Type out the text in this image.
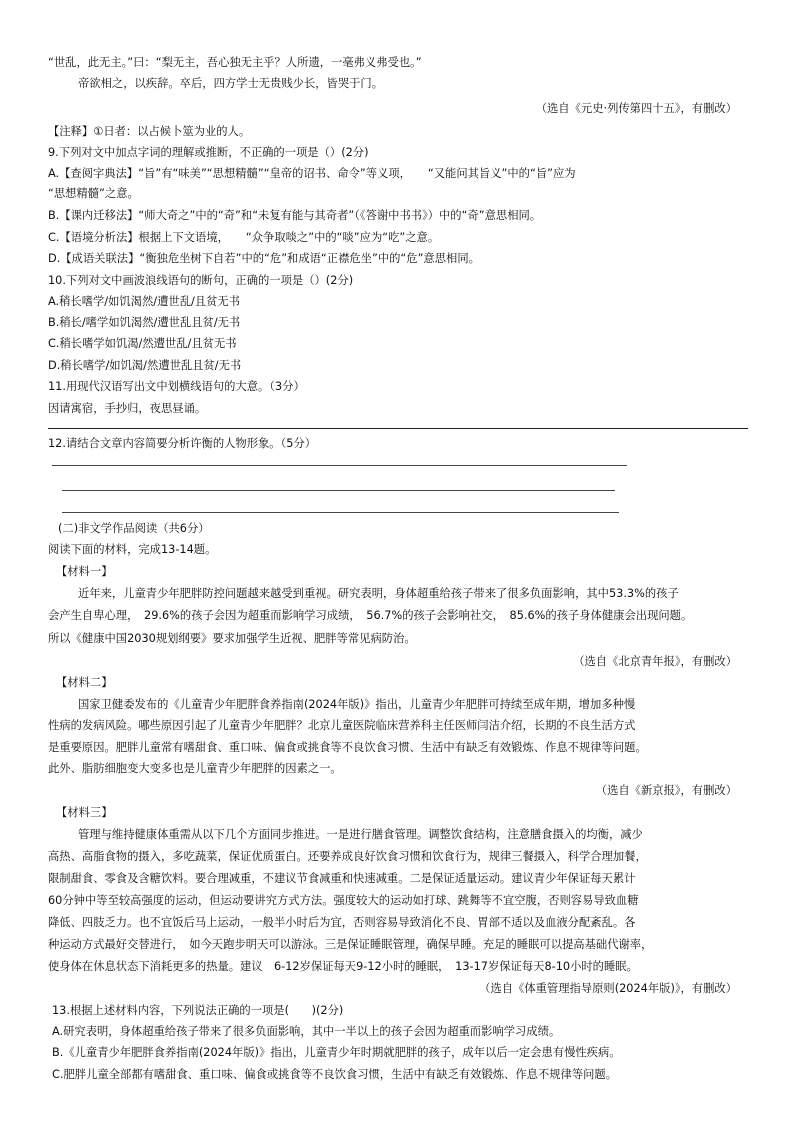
“世乱，此无主。”曰：“梨无主，吾心独无主乎？人所遗，一毫弗义弗受也。”
帝欲相之，以疾辞。卒后，四方学士无贵贱少长，皆哭于门。
（选自《元史·列传第四十五》，有删改）
【注释】①日者：以占候卜筮为业的人。
9.下列对文中加点字词的理解或推断，不正确的一项是（）(2分)
A.【查阅字典法】“旨”有“味美”“思想精髓”“皇帝的诏书、命令”等义项，　　“又能问其旨义”中的“旨”应为
“思想精髓”之意。
B.【课内迁移法】“师大奇之”中的“奇”和“未复有能与其奇者”（《答谢中书书》）中的“奇”意思相同。
C.【语境分析法】根据上下文语境，　　“众争取啖之”中的“啖”应为“吃”之意。
D.【成语关联法】“衡独危坐树下自若”中的“危”和成语“正襟危坐”中的“危”意思相同。
10.下列对文中画波浪线语句的断句，正确的一项是（）(2分)
A.稍长嗜学/如饥渴然/遭世乱/且贫无书
B.稍长/嗜学如饥渴然/遭世乱且贫/无书
C.稍长嗜学如饥渴/然遭世乱/且贫无书
D.稍长嗜学/如饥渴/然遭世乱且贫/无书
11.用现代汉语写出文中划横线语句的大意。（3分）
因请寓宿，手抄归，夜思昼诵。
12.请结合文章内容简要分析许衡的人物形象。（5分）
(二)非文学作品阅读（共6分）
阅读下面的材料，完成13-14题。
【材料一】
近年来，儿童青少年肥胖防控问题越来越受到重视。研究表明，身体超重给孩子带来了很多负面影响，其中53.3%的孩子
会产生自卑心理，　29.6%的孩子会因为超重而影响学习成绩，　56.7%的孩子会影响社交，　85.6%的孩子身体健康会出现问题。
所以《健康中国2030规划纲要》要求加强学生近视、肥胖等常见病防治。
（选自《北京青年报》，有删改）
【材料二】
国家卫健委发布的《儿童青少年肥胖食养指南(2024年版)》指出，儿童青少年肥胖可持续至成年期，增加多种慢
性病的发病风险。哪些原因引起了儿童青少年肥胖？北京儿童医院临床营养科主任医师闫洁介绍，长期的不良生活方式
是重要原因。肥胖儿童常有嗜甜食、重口味、偏食或挑食等不良饮食习惯、生活中有缺乏有效锻炼、作息不规律等问题。
此外、脂肪细胞变大变多也是儿童青少年肥胖的因素之一。
（选自《新京报》，有删改）
【材料三】
管理与维持健康体重需从以下几个方面同步推进。一是进行膳食管理。调整饮食结构，注意膳食摄入的均衡，减少
高热、高脂食物的摄入，多吃蔬菜，保证优质蛋白。还要养成良好饮食习惯和饮食行为，规律三餐摄入，科学合理加餐，
限制甜食、零食及含糖饮料。要合理减重，不建议节食减重和快速减重。二是保证适量运动。建议青少年保证每天累计
60分钟中等至较高强度的运动，但运动要讲究方式方法。强度较大的运动如打球、跳舞等不宜空腹，否则容易导致血糖
降低、四肢乏力。也不宜饭后马上运动，一般半小时后为宜，否则容易导致消化不良、胃部不适以及血液分配紊乱。各
种运动方式最好交替进行，　如今天跑步明天可以游泳。三是保证睡眠管理，确保早睡。充足的睡眠可以提高基础代谢率，
使身体在休息状态下消耗更多的热量。建议　6-12岁保证每天9-12小时的睡眠，　13-17岁保证每天8-10小时的睡眠。
（选自《体重管理指导原则(2024年版)》，有删改）
13.根据上述材料内容，下列说法正确的一项是(　　)(2分)
A.研究表明，身体超重给孩子带来了很多负面影响，其中一半以上的孩子会因为超重而影响学习成绩。
B.《儿童青少年肥胖食养指南(2024年版)》指出，儿童青少年时期就肥胖的孩子，成年以后一定会患有慢性疾病。
C.肥胖儿童全部都有嗜甜食、重口味、偏食或挑食等不良饮食习惯，生活中有缺乏有效锻炼、作息不规律等问题。
